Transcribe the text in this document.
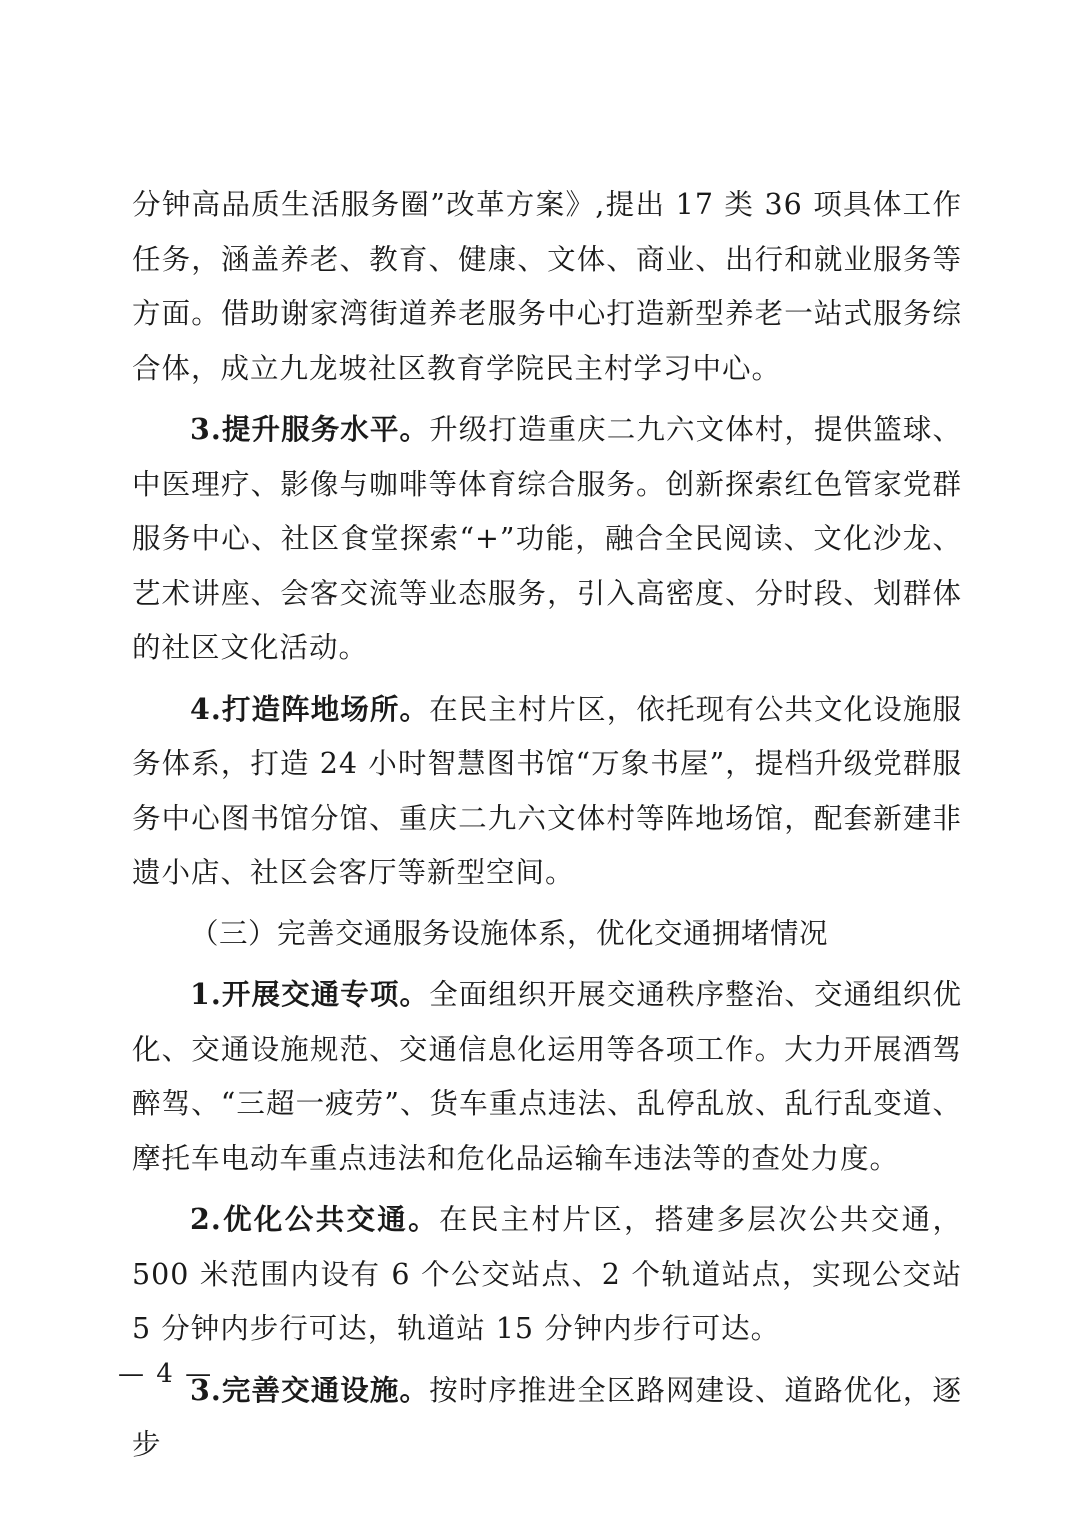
分钟高品质生活服务圈”改革方案》,提出 17 类 36 项具体工作任务，涵盖养老、教育、健康、文体、商业、出行和就业服务等方面。借助谢家湾街道养老服务中心打造新型养老一站式服务综合体，成立九龙坡社区教育学院民主村学习中心。

3.提升服务水平。升级打造重庆二九六文体村，提供篮球、中医理疗、影像与咖啡等体育综合服务。创新探索红色管家党群服务中心、社区食堂探索“+”功能，融合全民阅读、文化沙龙、艺术讲座、会客交流等业态服务，引入高密度、分时段、划群体的社区文化活动。

4.打造阵地场所。在民主村片区，依托现有公共文化设施服务体系，打造 24 小时智慧图书馆“万象书屋”，提档升级党群服务中心图书馆分馆、重庆二九六文体村等阵地场馆，配套新建非遗小店、社区会客厅等新型空间。

（三）完善交通服务设施体系，优化交通拥堵情况

1.开展交通专项。全面组织开展交通秩序整治、交通组织优化、交通设施规范、交通信息化运用等各项工作。大力开展酒驾醉驾、“三超一疲劳”、货车重点违法、乱停乱放、乱行乱变道、摩托车电动车重点违法和危化品运输车违法等的查处力度。

2.优化公共交通。在民主村片区，搭建多层次公共交通，500 米范围内设有 6 个公交站点、2 个轨道站点，实现公交站 5 分钟内步行可达，轨道站 15 分钟内步行可达。

3.完善交通设施。按时序推进全区路网建设、道路优化，逐步

— 4 —
